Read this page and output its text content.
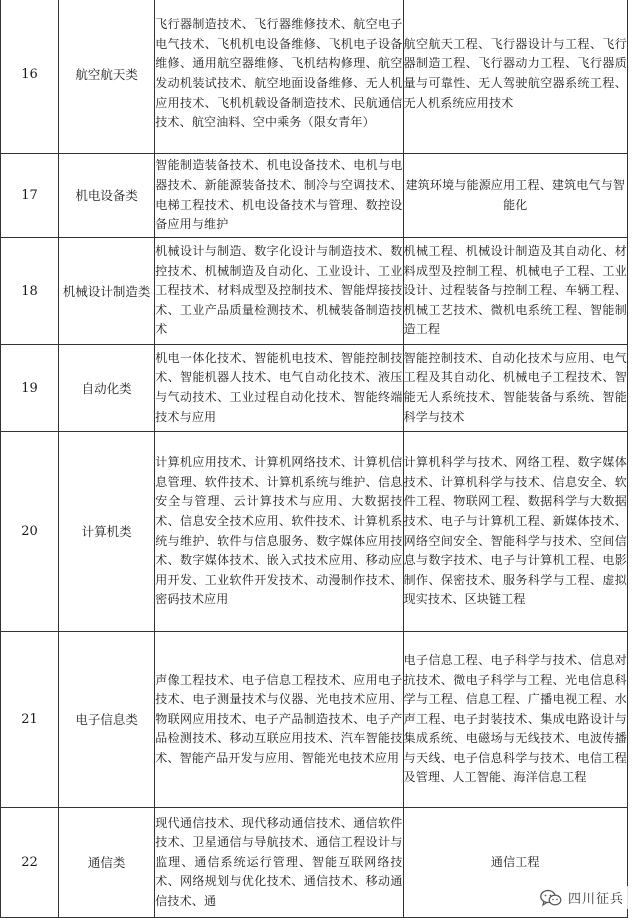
16	航空航天类	飞行器制造技术、飞行器维修技术、航空电子电气技术、飞机机电设备维修、飞机电子设备维修、通用航空器维修、飞机结构修理、航空发动机装试技术、航空地面设备维修、无人机应用技术、飞机机载设备制造技术、民航通信技术、航空油料、空中乘务（限女青年）	航空航天工程、飞行器设计与工程、飞行器制造工程、飞行器动力工程、飞行器质量与可靠性、无人驾驶航空器系统工程、无人机系统应用技术
17	机电设备类	智能制造装备技术、机电设备技术、电机与电器技术、新能源装备技术、制冷与空调技术、电梯工程技术、机电设备技术与管理、数控设备应用与维护	建筑环境与能源应用工程、建筑电气与智能化
18	机械设计制造类	机械设计与制造、数字化设计与制造技术、数控技术、机械制造及自动化、工业设计、工业工程技术、材料成型及控制技术、智能焊接技术、工业产品质量检测技术、机械装备制造技术	机械工程、机械设计制造及其自动化、材料成型及控制工程、机械电子工程、工业设计、过程装备与控制工程、车辆工程、机械工艺技术、微机电系统工程、智能制造工程
19	自动化类	机电一体化技术、智能机电技术、智能控制技术、智能机器人技术、电气自动化技术、液压与气动技术、工业过程自动化技术、智能终端技术与应用	智能控制技术、自动化技术与应用、电气工程及其自动化、机械电子工程技术、智能无人系统技术、智能装备与系统、智能科学与技术
20	计算机类	计算机应用技术、计算机网络技术、计算机信息管理、软件技术、计算机系统与维护、信息安全与管理、云计算技术与应用、大数据技术、信息安全技术应用、软件技术、计算机系统与维护、软件与信息服务、数字媒体应用技术、数字媒体技术、嵌入式技术应用、移动应用开发、工业软件开发技术、动漫制作技术、密码技术应用	计算机科学与技术、网络工程、数字媒体技术、计算机科学与技术、信息安全、软件工程、物联网工程、数据科学与大数据技术、电子与计算机工程、新媒体技术、网络空间安全、智能科学与技术、空间信息与数字技术、电子与计算机工程、电影制作、保密技术、服务科学与工程、虚拟现实技术、区块链工程
21	电子信息类	声像工程技术、电子信息工程技术、应用电子技术、电子测量技术与仪器、光电技术应用、物联网应用技术、电子产品制造技术、电子产品检测技术、移动互联应用技术、汽车智能技术、智能产品开发与应用、智能光电技术应用	电子信息工程、电子科学与技术、信息对抗技术、微电子科学与工程、光电信息科学与工程、信息工程、广播电视工程、水声工程、电子封装技术、集成电路设计与集成系统、电磁场与无线技术、电波传播与天线、电子信息科学与技术、电信工程及管理、人工智能、海洋信息工程
22	通信类	现代通信技术、现代移动通信技术、通信软件技术、卫星通信与导航技术、通信工程设计与监理、通信系统运行管理、智能互联网络技术、网络规划与优化技术、通信技术、移动通信技术、通	通信工程
四川征兵
